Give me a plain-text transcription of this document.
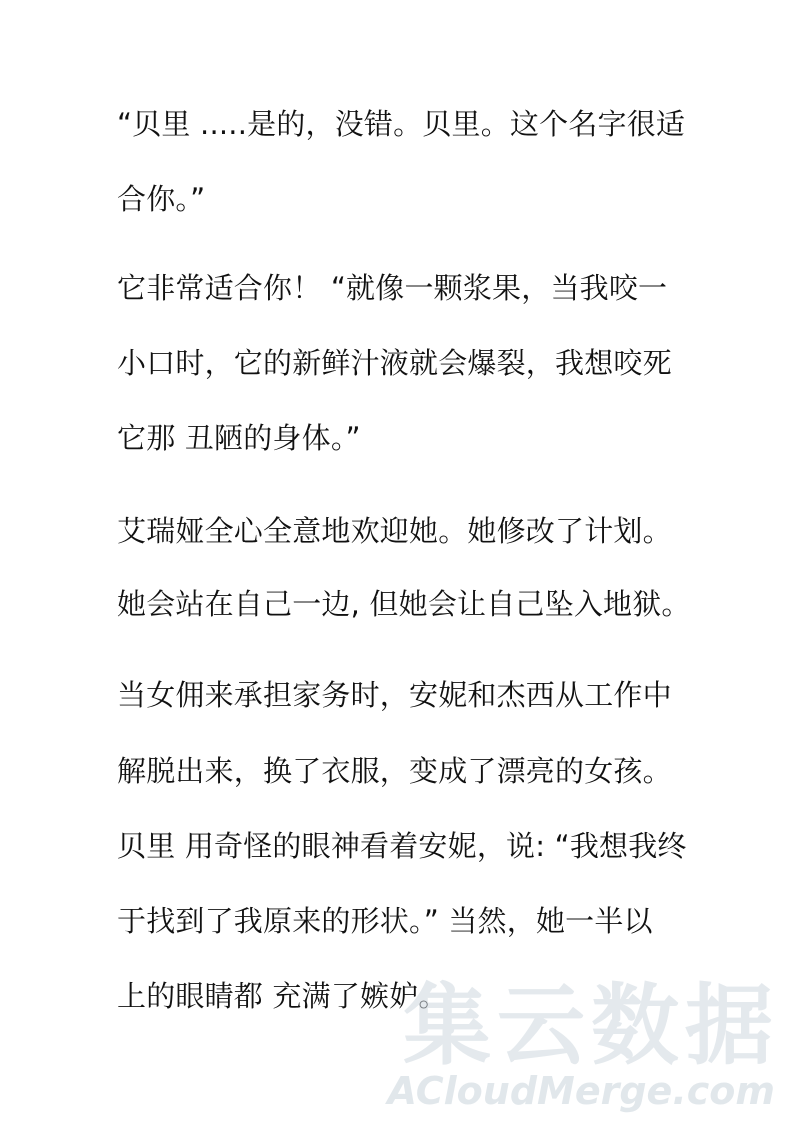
“贝里 .....是的，没错。贝里。这个名字很适
合你。”
它非常适合你！ “就像一颗浆果，当我咬一
小口时，它的新鲜汁液就会爆裂，我想咬死
它那 丑陋的身体。”
艾瑞娅全心全意地欢迎她。她修改了计划。
她会站在自己一边, 但她会让自己坠入地狱。
当女佣来承担家务时，安妮和杰西从工作中
解脱出来，换了衣服，变成了漂亮的女孩。
贝里 用奇怪的眼神看着安妮，说: “我想我终
于找到了我原来的形状。” 当然，她一半以
上的眼睛都 充满了嫉妒。
集云数据
ACloudMerge.com
